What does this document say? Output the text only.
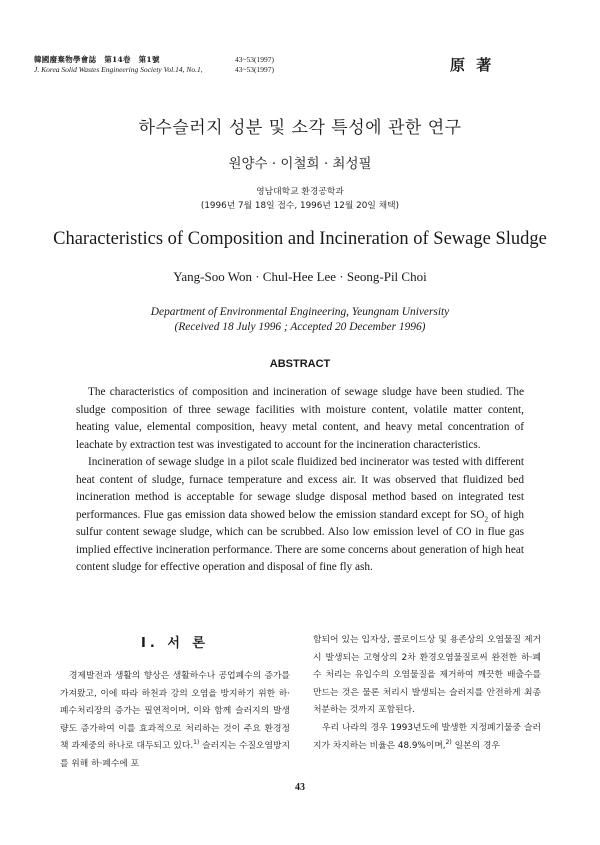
韓國廢棄物學會誌　第14卷　第1號
J. Korea Solid Wastes Engineering Society Vol.14, No.1,
43~53(1997)
43~53(1997)	原 著
하수슬러지 성분 및 소각 특성에 관한 연구
원양수 · 이철희 · 최성필
영남대학교 환경공학과
(1996년 7월 18일 접수, 1996년 12월 20일 채택)
Characteristics of Composition and Incineration of Sewage Sludge
Yang-Soo Won · Chul-Hee Lee · Seong-Pil Choi
Department of Environmental Engineering, Yeungnam University
(Received 18 July 1996 ; Accepted 20 December 1996)
ABSTRACT

The characteristics of composition and incineration of sewage sludge have been studied. The sludge composition of three sewage facilities with moisture content, volatile matter content, heating value, elemental composition, heavy metal content, and heavy metal concentration of leachate by extraction test was investigated to account for the incineration characteristics.

Incineration of sewage sludge in a pilot scale fluidized bed incinerator was tested with different heat content of sludge, furnace temperature and excess air. It was observed that fluidized bed incineration method is acceptable for sewage sludge disposal method based on integrated test performances. Flue gas emission data showed below the emission standard except for $SO_2$ of high sulfur content sewage sludge, which can be scrubbed. Also low emission level of CO in flue gas implied effective incineration performance. There are some concerns about generation of high heat content sludge for effective operation and disposal of fine fly ash.

Ⅰ. 서 론

경제발전과 생활의 향상은 생활하수나 공업폐수의 증가를 가져왔고, 이에 따라 하천과 강의 오염을 방지하기 위한 하·폐수처리장의 증가는 필연적이며, 이와 함께 슬러지의 발생량도 증가하여 이를 효과적으로 처리하는 것이 주요 환경정책 과제중의 하나로 대두되고 있다.$^{1)}$ 슬러지는 수질오염방지를 위해 하·폐수에 포

함되어 있는 입자상, 콜로이드상 및 용존상의 오염물질 제거시 발생되는 고형상의 2차 환경오염물질로써 완전한 하·폐수 처리는 유입수의 오염물질을 제거하여 깨끗한 배출수를 만드는 것은 물론 처리시 발생되는 슬러지를 안전하게 최종 처분하는 것까지 포함된다.

우리 나라의 경우 1993년도에 발생한 지정폐기물중 슬러지가 차지하는 비율은 48.9%이며,$^{2)}$ 일본의 경우

43
